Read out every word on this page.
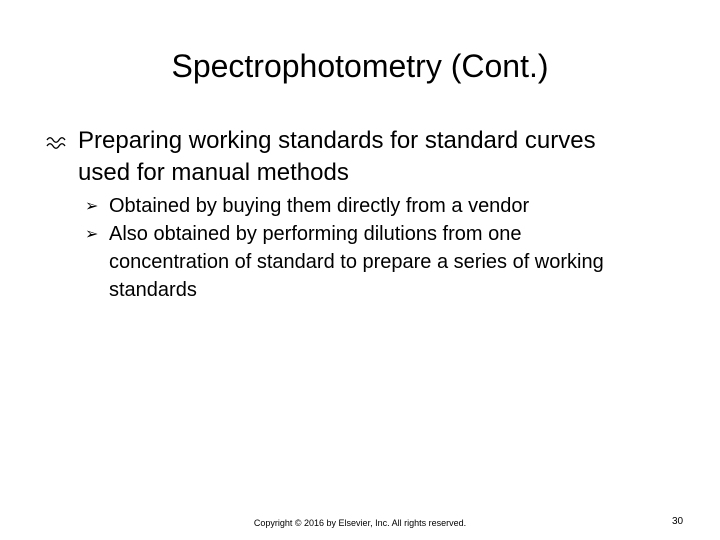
Spectrophotometry (Cont.)
Preparing working standards for standard curves used for manual methods
➢ Obtained by buying them directly from a vendor
➢ Also obtained by performing dilutions from one concentration of standard to prepare a series of working standards
Copyright © 2016 by Elsevier, Inc. All rights reserved.	30
